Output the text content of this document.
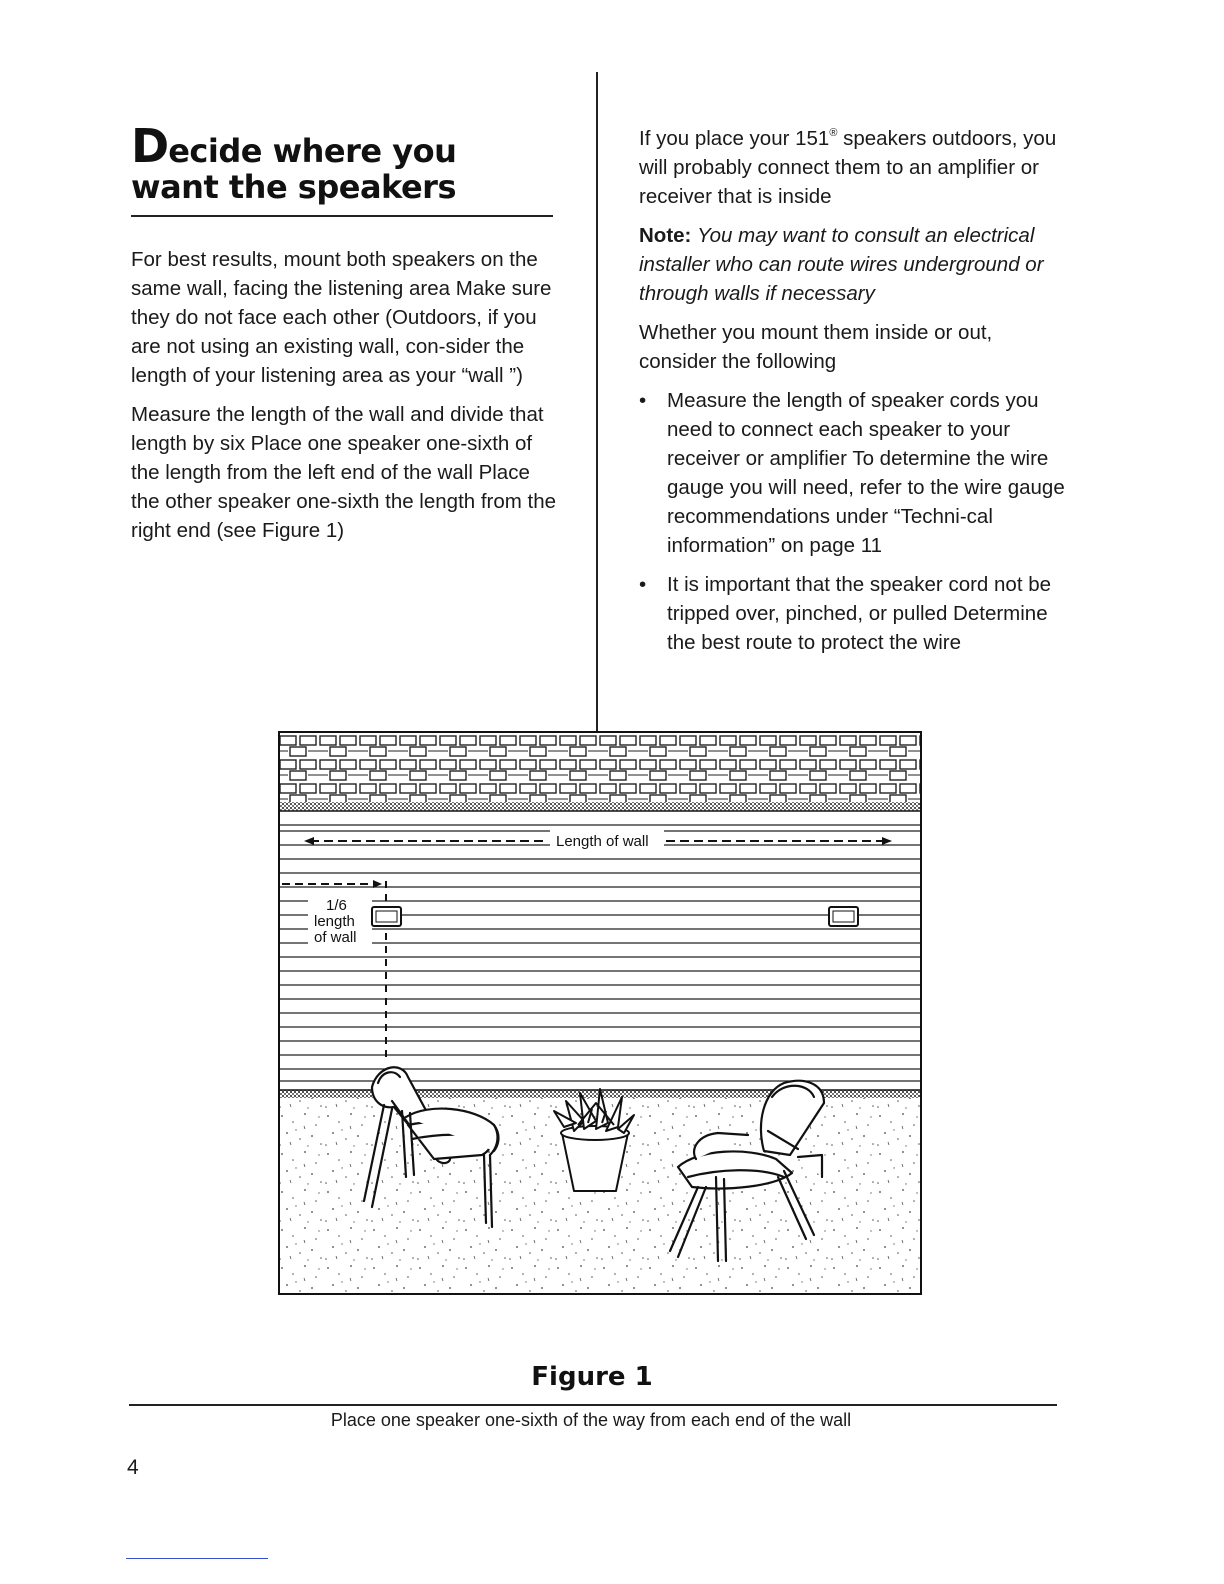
Decide where you
want the speakers

For best results, mount both speakers on the same wall, facing the listening area Make sure they do not face each other (Outdoors, if you are not using an existing wall, con-sider the length of your listening area as your “wall ”)

Measure the length of the wall and divide that length by six Place one speaker one-sixth of the length from the left end of the wall Place the other speaker one-sixth the length from the right end (see Figure 1)

If you place your 151® speakers outdoors, you will probably connect them to an amplifier or receiver that is inside

Note: You may want to consult an electrical installer who can route wires underground or through walls if necessary

Whether you mount them inside or out, consider the following

• Measure the length of speaker cords you need to connect each speaker to your receiver or amplifier To determine the wire gauge you will need, refer to the wire gauge recommendations under “Techni-cal information” on page 11
• It is important that the speaker cord not be tripped over, pinched, or pulled Determine the best route to protect the wire
Length of wall
1/6
length
of wall
Figure 1
Place one speaker one-sixth of the way from each end of the wall
4
